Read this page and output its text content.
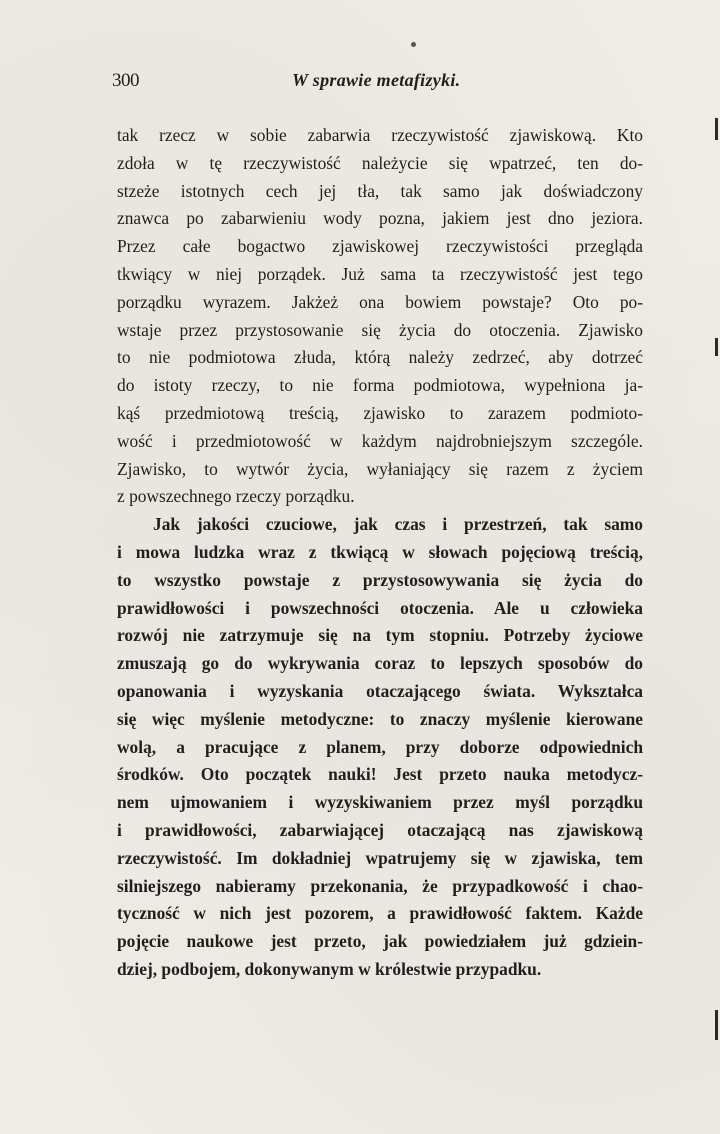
300	W sprawie metafizyki.
tak rzecz w sobie zabarwia rzeczywistość zjawiskową. Kto
zdoła w tę rzeczywistość należycie się wpatrzeć, ten do-
stzeże istotnych cech jej tła, tak samo jak doświadczony
znawca po zabarwieniu wody pozna, jakiem jest dno jeziora.
Przez całe bogactwo zjawiskowej rzeczywistości przegląda
tkwiący w niej porządek. Już sama ta rzeczywistość jest tego
porządku wyrazem. Jakżeż ona bowiem powstaje? Oto po-
wstaje przez przystosowanie się życia do otoczenia. Zjawisko
to nie podmiotowa złuda, którą należy zedrzeć, aby dotrzeć
do istoty rzeczy, to nie forma podmiotowa, wypełniona ja-
kąś przedmiotową treścią, zjawisko to zarazem podmioto-
wość i przedmiotowość w każdym najdrobniejszym szczególe.
Zjawisko, to wytwór życia, wyłaniający się razem z życiem
z powszechnego rzeczy porządku.
Jak jakości czuciowe, jak czas i przestrzeń, tak samo
i mowa ludzka wraz z tkwiącą w słowach pojęciową treścią,
to wszystko powstaje z przystosowywania się życia do
prawidłowości i powszechności otoczenia. Ale u człowieka
rozwój nie zatrzymuje się na tym stopniu. Potrzeby życiowe
zmuszają go do wykrywania coraz to lepszych sposobów do
opanowania i wyzyskania otaczającego świata. Wykształca
się więc myślenie metodyczne: to znaczy myślenie kierowane
wolą, a pracujące z planem, przy doborze odpowiednich
środków. Oto początek nauki! Jest przeto nauka metodycz-
nem ujmowaniem i wyzyskiwaniem przez myśl porządku
i prawidłowości, zabarwiającej otaczającą nas zjawiskową
rzeczywistość. Im dokładniej wpatrujemy się w zjawiska, tem
silniejszego nabieramy przekonania, że przypadkowość i chao-
tyczność w nich jest pozorem, a prawidłowość faktem. Każde
pojęcie naukowe jest przeto, jak powiedziałem już gdziein-
dziej, podbojem, dokonywanym w królestwie przypadku.
